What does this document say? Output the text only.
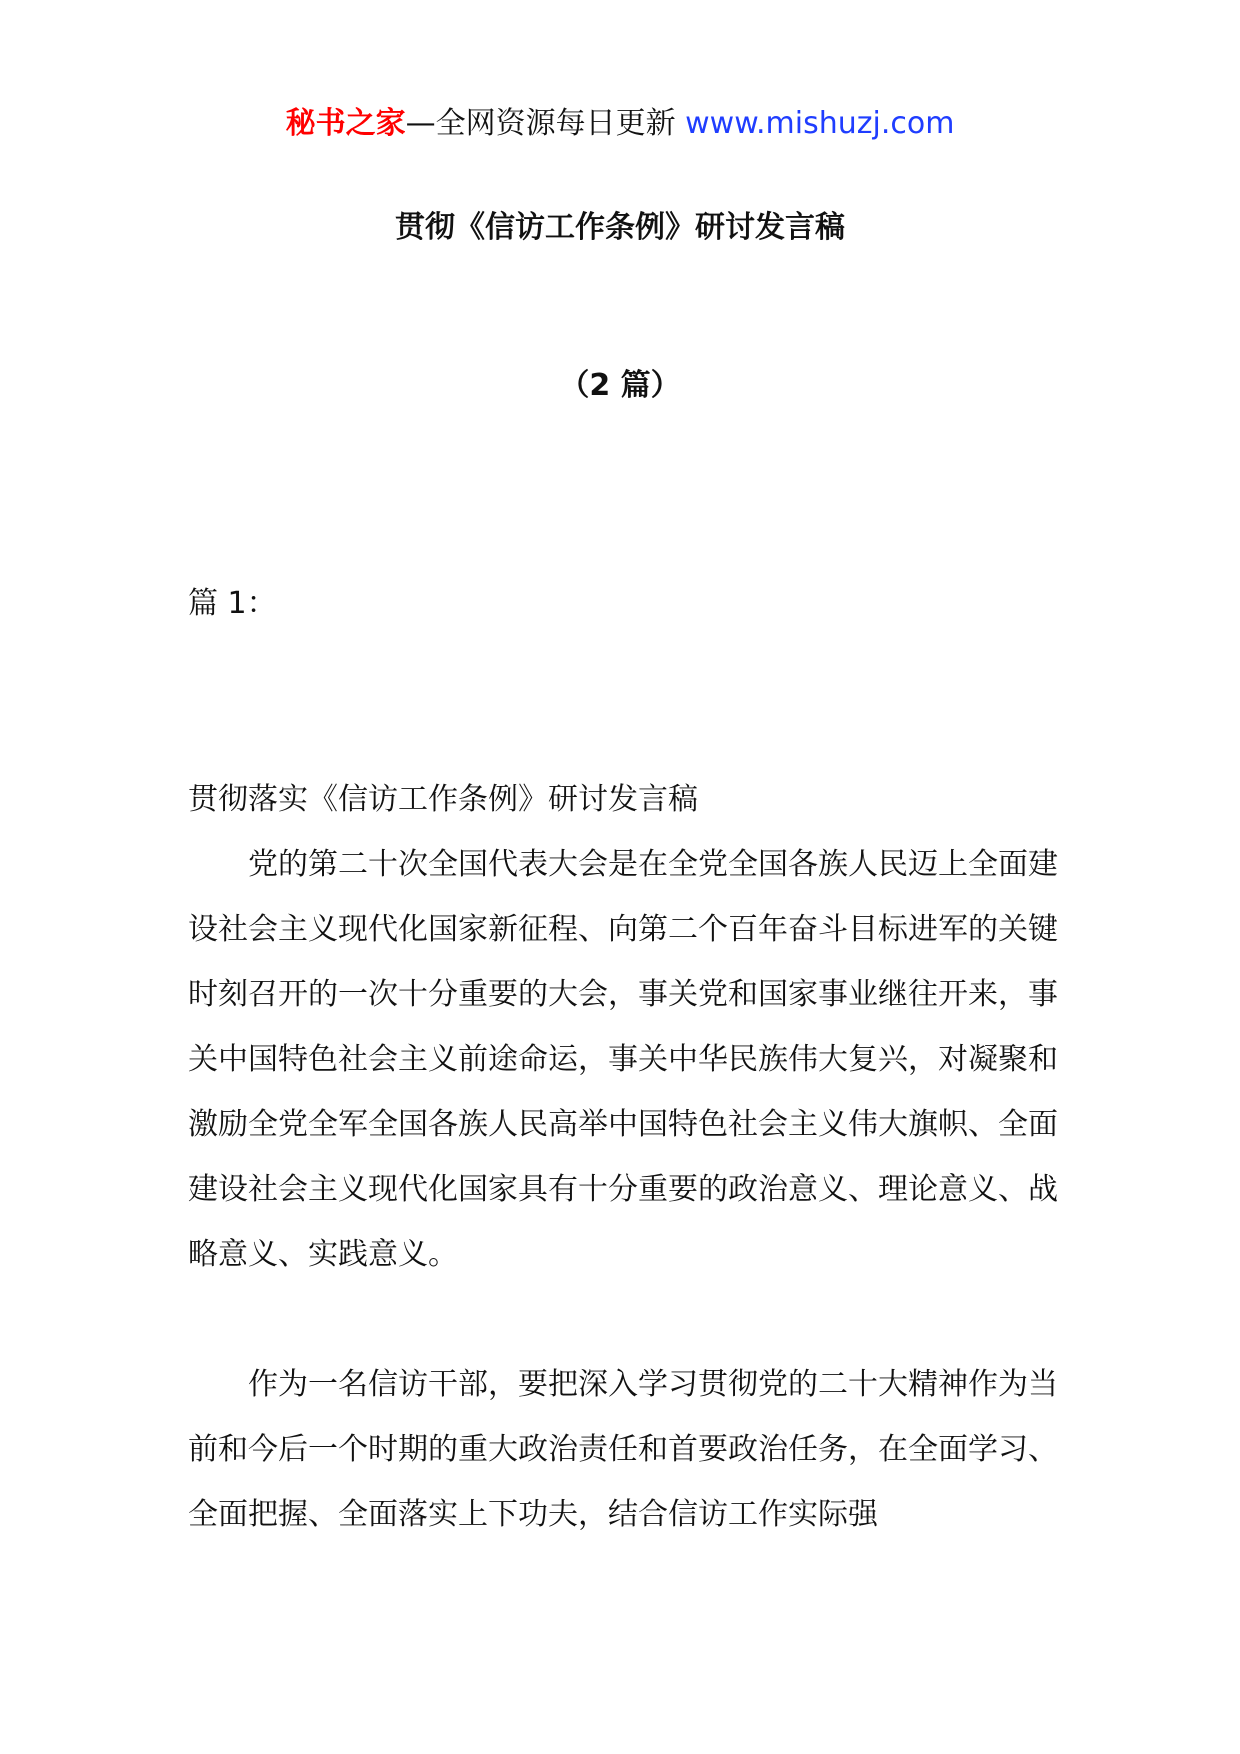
秘书之家—全网资源每日更新 www.mishuzj.com
贯彻《信访工作条例》研讨发言稿
（2 篇）
篇 1：
贯彻落实《信访工作条例》研讨发言稿

党的第二十次全国代表大会是在全党全国各族人民迈上全面建设社会主义现代化国家新征程、向第二个百年奋斗目标进军的关键时刻召开的一次十分重要的大会，事关党和国家事业继往开来，事关中国特色社会主义前途命运，事关中华民族伟大复兴，对凝聚和激励全党全军全国各族人民高举中国特色社会主义伟大旗帜、全面建设社会主义现代化国家具有十分重要的政治意义、理论意义、战略意义、实践意义。

作为一名信访干部，要把深入学习贯彻党的二十大精神作为当前和今后一个时期的重大政治责任和首要政治任务，在全面学习、全面把握、全面落实上下功夫，结合信访工作实际强
